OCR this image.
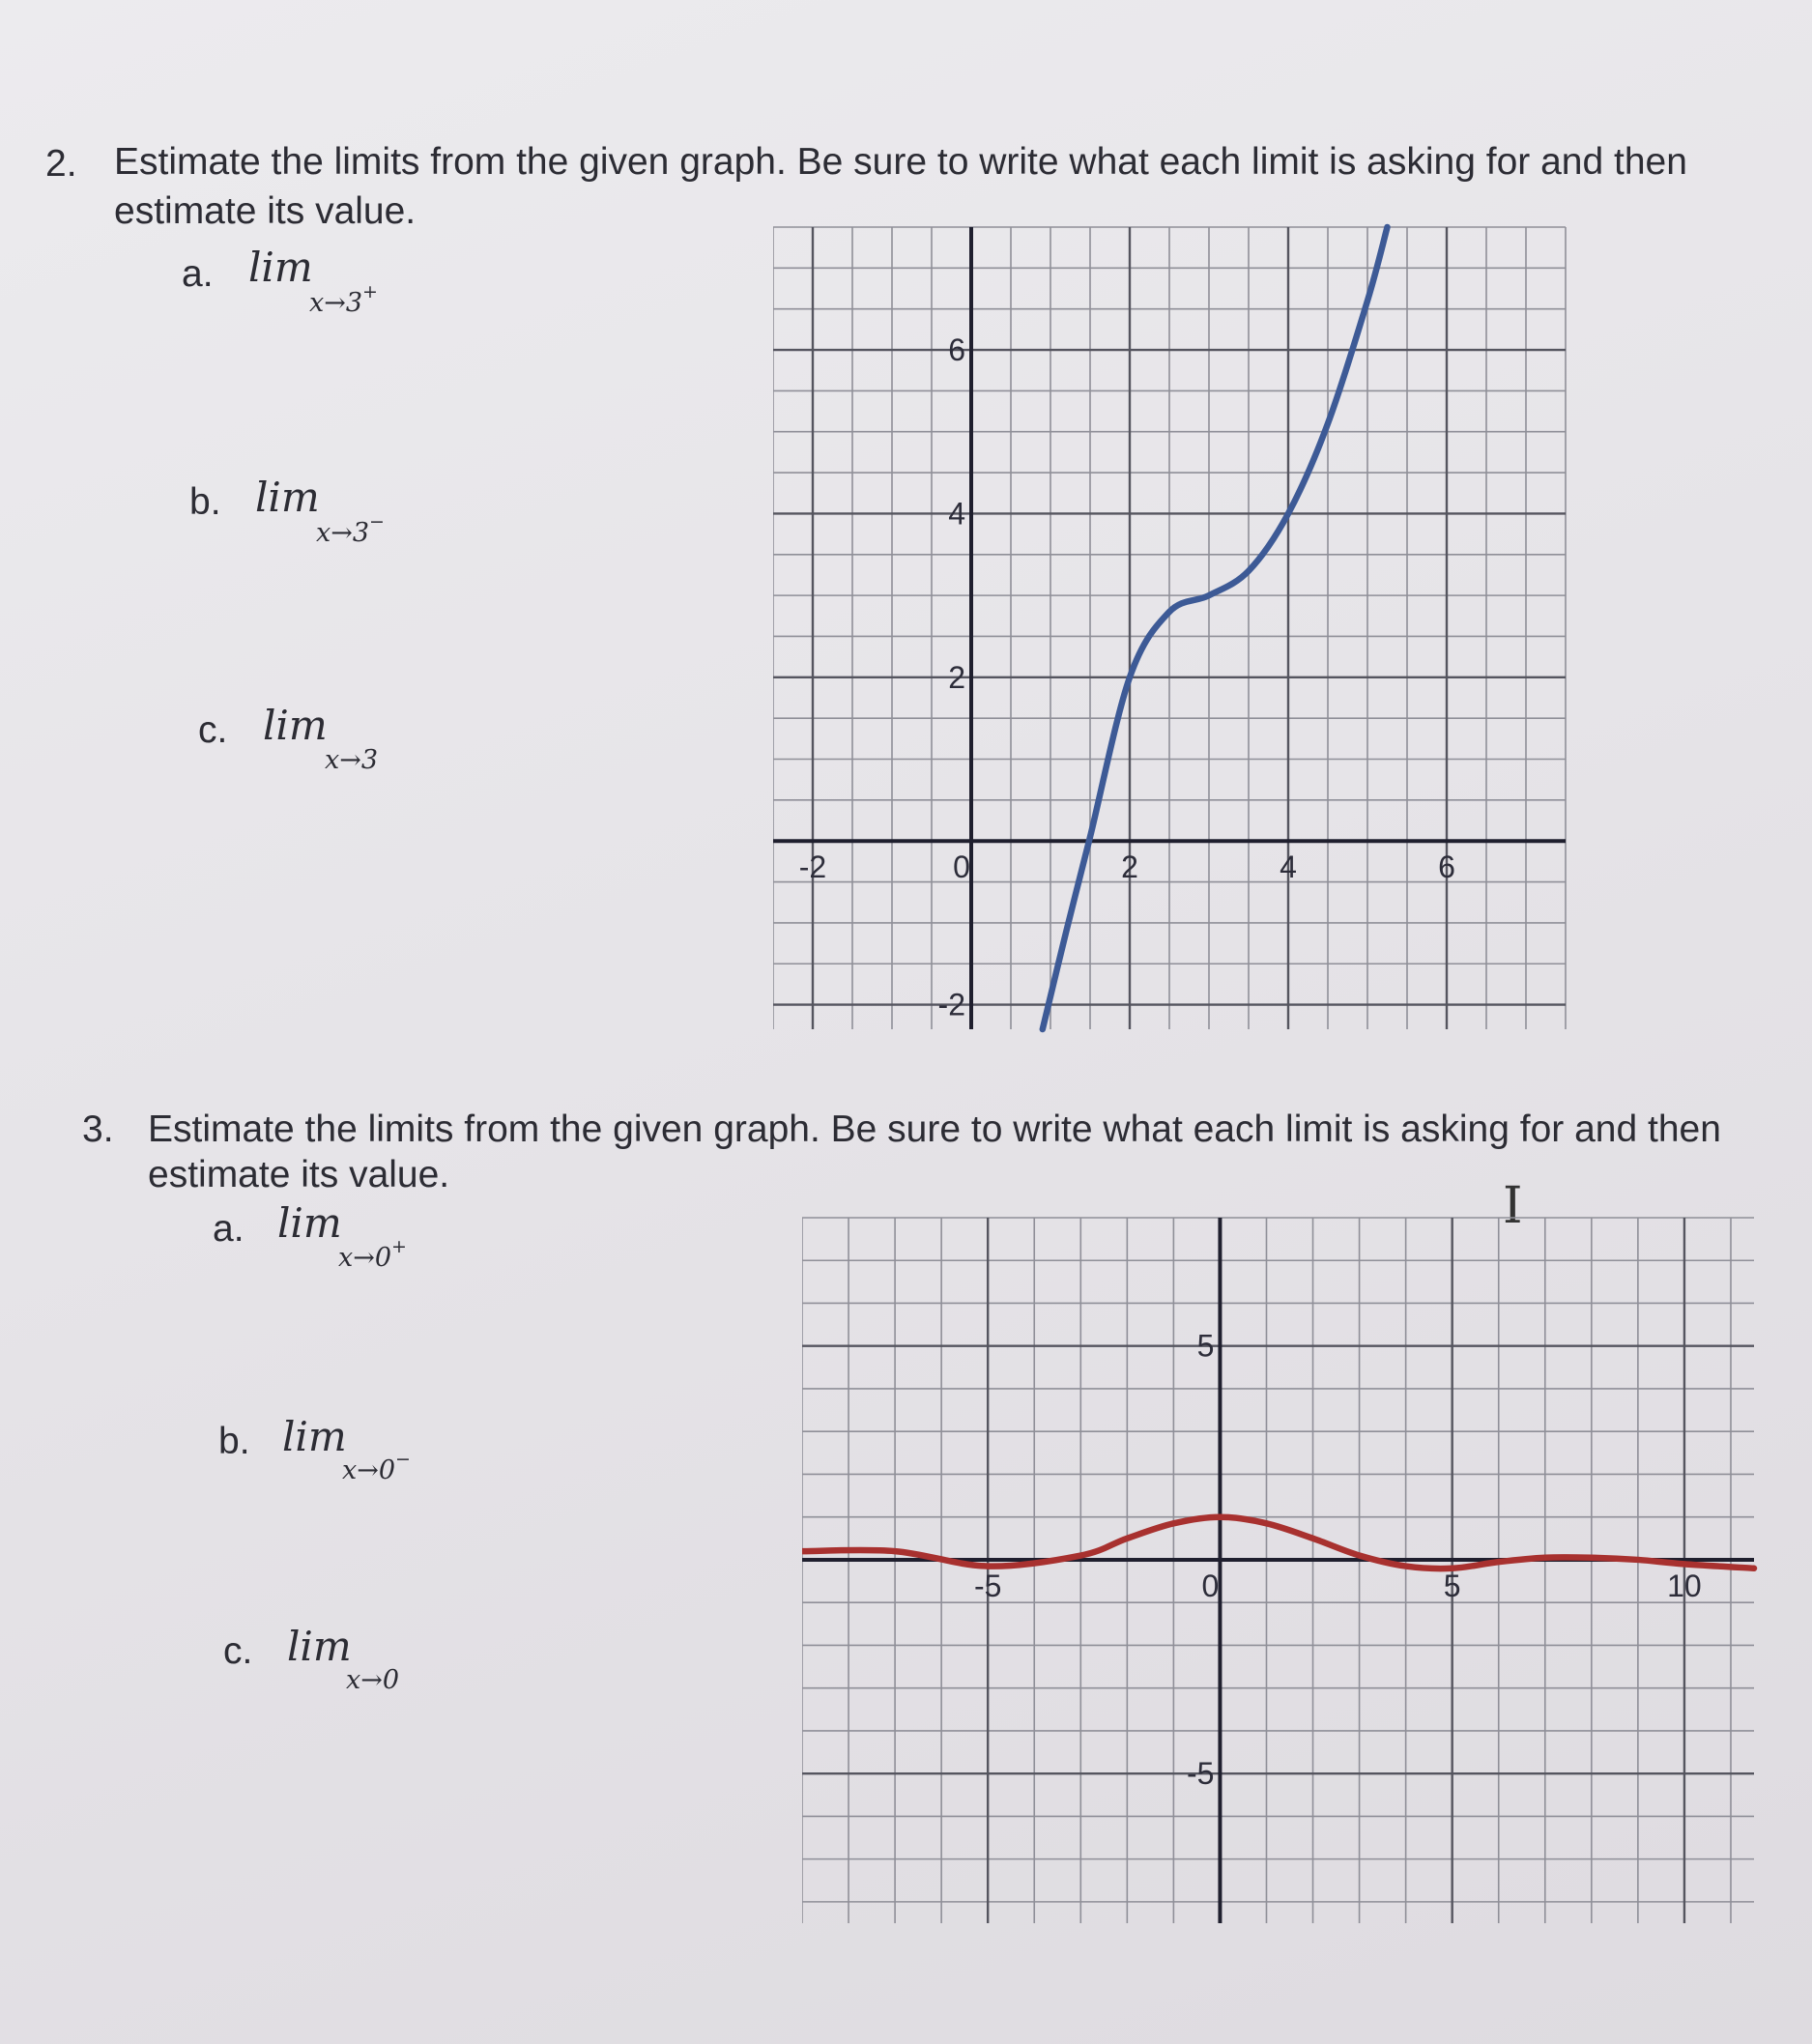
2. Estimate the limits from the given graph. Be sure to write what each limit is asking for and then
estimate its value.
a. lim
x→3+
b. lim
x→3−
c. lim
x→3
-2	0	2	4	6
-2
2
4
6
3. Estimate the limits from the given graph. Be sure to write what each limit is asking for and then
estimate its value.
I
a. lim
x→0+
b. lim
x→0−
c. lim
x→0
-5	0	5	10
5
-5
